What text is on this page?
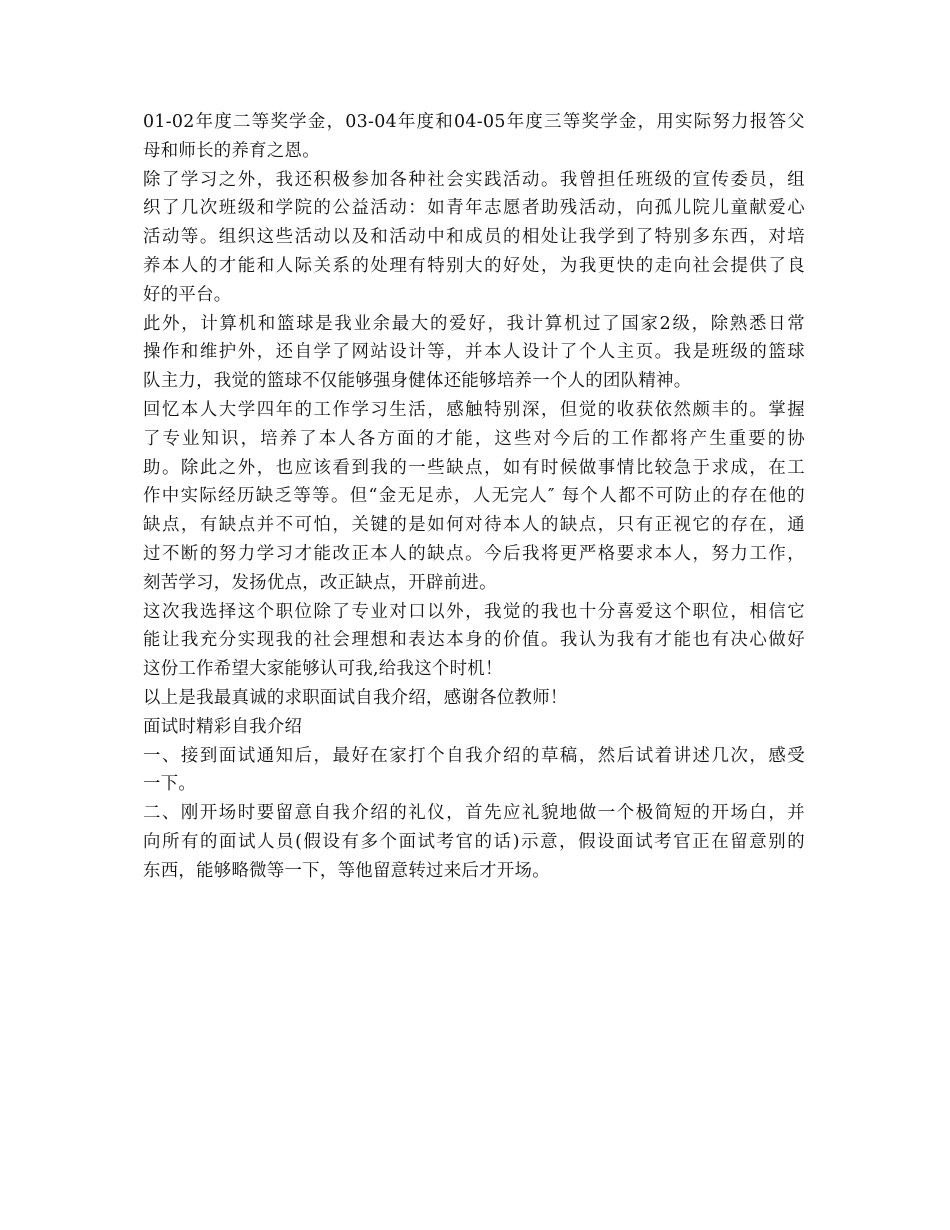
01-02年度二等奖学金，03-04年度和04-05年度三等奖学金，用实际努力报答父
母和师长的养育之恩。
除了学习之外，我还积极参加各种社会实践活动。我曾担任班级的宣传委员，组
织了几次班级和学院的公益活动：如青年志愿者助残活动，向孤儿院儿童献爱心
活动等。组织这些活动以及和活动中和成员的相处让我学到了特别多东西，对培
养本人的才能和人际关系的处理有特别大的好处，为我更快的走向社会提供了良
好的平台。
此外，计算机和篮球是我业余最大的爱好，我计算机过了国家2级，除熟悉日常
操作和维护外，还自学了网站设计等，并本人设计了个人主页。我是班级的篮球
队主力，我觉的篮球不仅能够强身健体还能够培养一个人的团队精神。
回忆本人大学四年的工作学习生活，感触特别深，但觉的收获依然颇丰的。掌握
了专业知识，培养了本人各方面的才能，这些对今后的工作都将产生重要的协
助。除此之外，也应该看到我的一些缺点，如有时候做事情比较急于求成，在工
作中实际经历缺乏等等。但“金无足赤，人无完人″ 每个人都不可防止的存在他的
缺点，有缺点并不可怕，关键的是如何对待本人的缺点，只有正视它的存在，通
过不断的努力学习才能改正本人的缺点。今后我将更严格要求本人，努力工作，
刻苦学习，发扬优点，改正缺点，开辟前进。
这次我选择这个职位除了专业对口以外，我觉的我也十分喜爱这个职位，相信它
能让我充分实现我的社会理想和表达本身的价值。我认为我有才能也有决心做好
这份工作希望大家能够认可我,给我这个时机！
以上是我最真诚的求职面试自我介绍，感谢各位教师！
面试时精彩自我介绍
一、接到面试通知后，最好在家打个自我介绍的草稿，然后试着讲述几次，感受
一下。
二、刚开场时要留意自我介绍的礼仪，首先应礼貌地做一个极简短的开场白，并
向所有的面试人员(假设有多个面试考官的话)示意，假设面试考官正在留意别的
东西，能够略微等一下，等他留意转过来后才开场。
